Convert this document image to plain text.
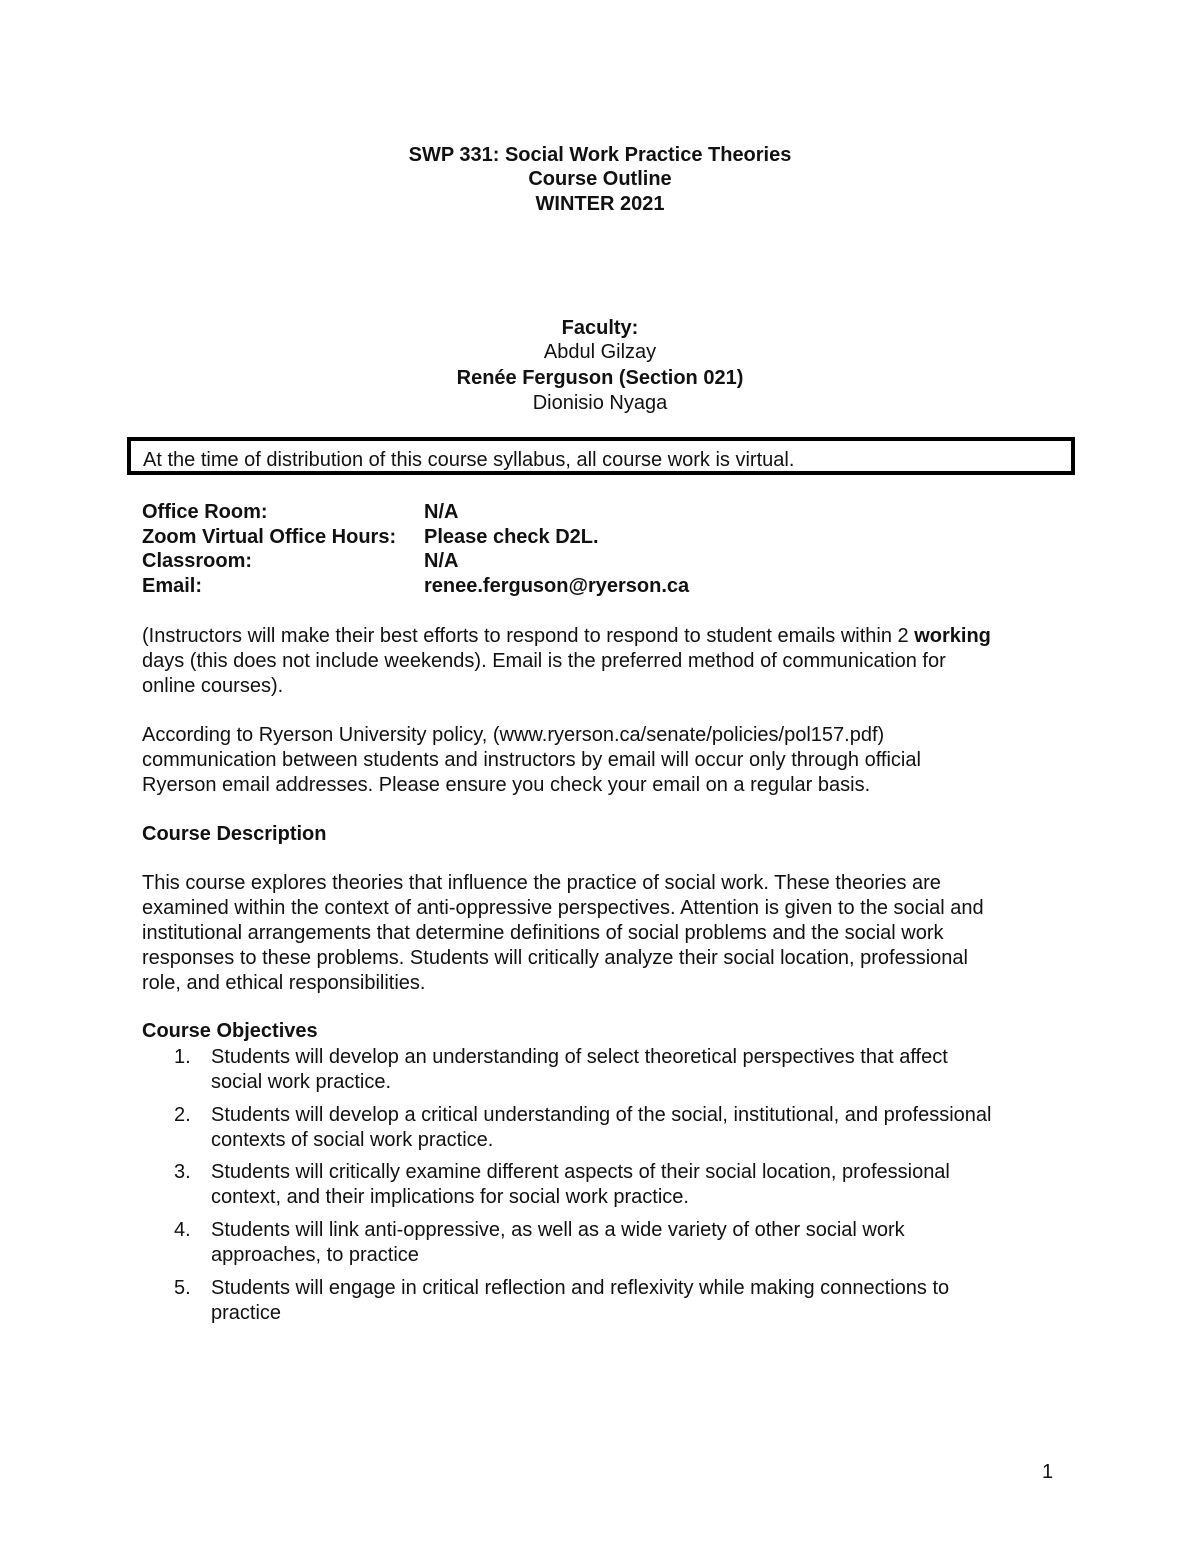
SWP 331: Social Work Practice Theories
Course Outline
WINTER 2021
Faculty:
Abdul Gilzay
Renée Ferguson (Section 021)
Dionisio Nyaga
At the time of distribution of this course syllabus, all course work is virtual.
Office Room:	N/A
Zoom Virtual Office Hours: Please check D2L.
Classroom:	N/A
Email:	renee.ferguson@ryerson.ca
(Instructors will make their best efforts to respond to respond to student emails within 2 working
days (this does not include weekends). Email is the preferred method of communication for
online courses).
According to Ryerson University policy, (www.ryerson.ca/senate/policies/pol157.pdf)
communication between students and instructors by email will occur only through official
Ryerson email addresses. Please ensure you check your email on a regular basis.
Course Description
This course explores theories that influence the practice of social work. These theories are
examined within the context of anti-oppressive perspectives. Attention is given to the social and
institutional arrangements that determine definitions of social problems and the social work
responses to these problems. Students will critically analyze their social location, professional
role, and ethical responsibilities.
Course Objectives
1. Students will develop an understanding of select theoretical perspectives that affect
social work practice.
2. Students will develop a critical understanding of the social, institutional, and professional
contexts of social work practice.
3. Students will critically examine different aspects of their social location, professional
context, and their implications for social work practice.
4. Students will link anti-oppressive, as well as a wide variety of other social work
approaches, to practice
5. Students will engage in critical reflection and reflexivity while making connections to
practice
1
